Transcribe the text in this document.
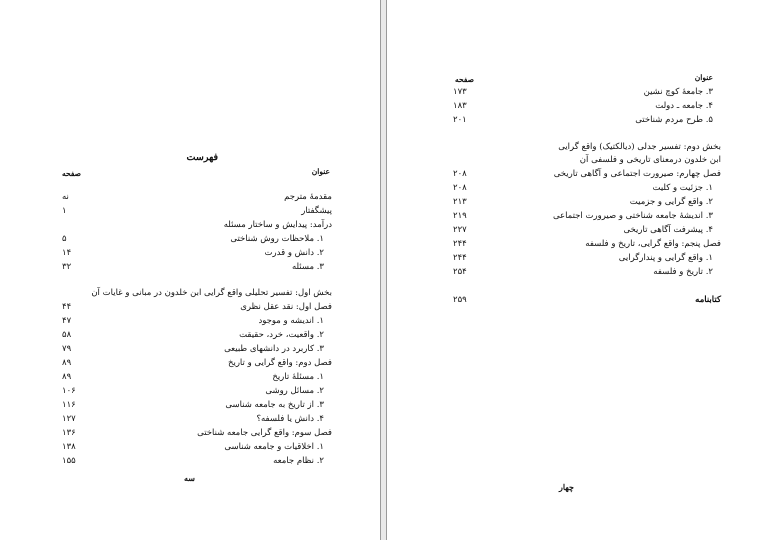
فهرست
عنوان
صفحه
مقدمهٔ مترجم
نه
پیشگفتار
۱
درآمد: پیدایش و ساختار مسئله
۱. ملاحظات روش شناختی
۵
۲. دانش و قدرت
۱۴
۳. مسئله
۳۲
بخش اول: تفسیر تحلیلی واقع گرایی ابن خلدون در مبانی و غایات آن
فصل اول: نقد عقل نظری
۴۴
۱. اندیشه و موجود
۴۷
۲. واقعیت، خرد، حقیقت
۵۸
۳. کاربرد در دانشهای طبیعی
۷۹
فصل دوم: واقع گرایی و تاریخ
۸۹
۱. مسئلهٔ تاریخ
۸۹
۲. مسائل روشی
۱۰۶
۳. از تاریخ به جامعه شناسی
۱۱۶
۴. دانش یا فلسفه؟
۱۲۷
فصل سوم: واقع گرایی جامعه شناختی
۱۳۶
۱. اخلاقیات و جامعه شناسی
۱۳۸
۲. نظام جامعه
۱۵۵
سه
عنوان
صفحه
۳. جامعهٔ کوچ نشین
۱۷۳
۴. جامعه ـ دولت
۱۸۳
۵. طرح مردم شناختی
۲۰۱
بخش دوم: تفسیر جدلی (دیالکتیک) واقع گرایی
ابن خلدون درمعنای تاریخی و فلسفی آن
فصل چهارم: صیرورت اجتماعی و آگاهی تاریخی
۲۰۸
۱. جزئیت و کلیت
۲۰۸
۲. واقع گرایی و جزمیت
۲۱۳
۳. اندیشهٔ جامعه شناختی و صیرورت اجتماعی
۲۱۹
۴. پیشرفت آگاهی تاریخی
۲۲۷
فصل پنجم: واقع گرایی، تاریخ و فلسفه
۲۴۴
۱. واقع گرایی و پندارگرایی
۲۴۴
۲. تاریخ و فلسفه
۲۵۴
کتابنامه
۲۵۹
چهار
